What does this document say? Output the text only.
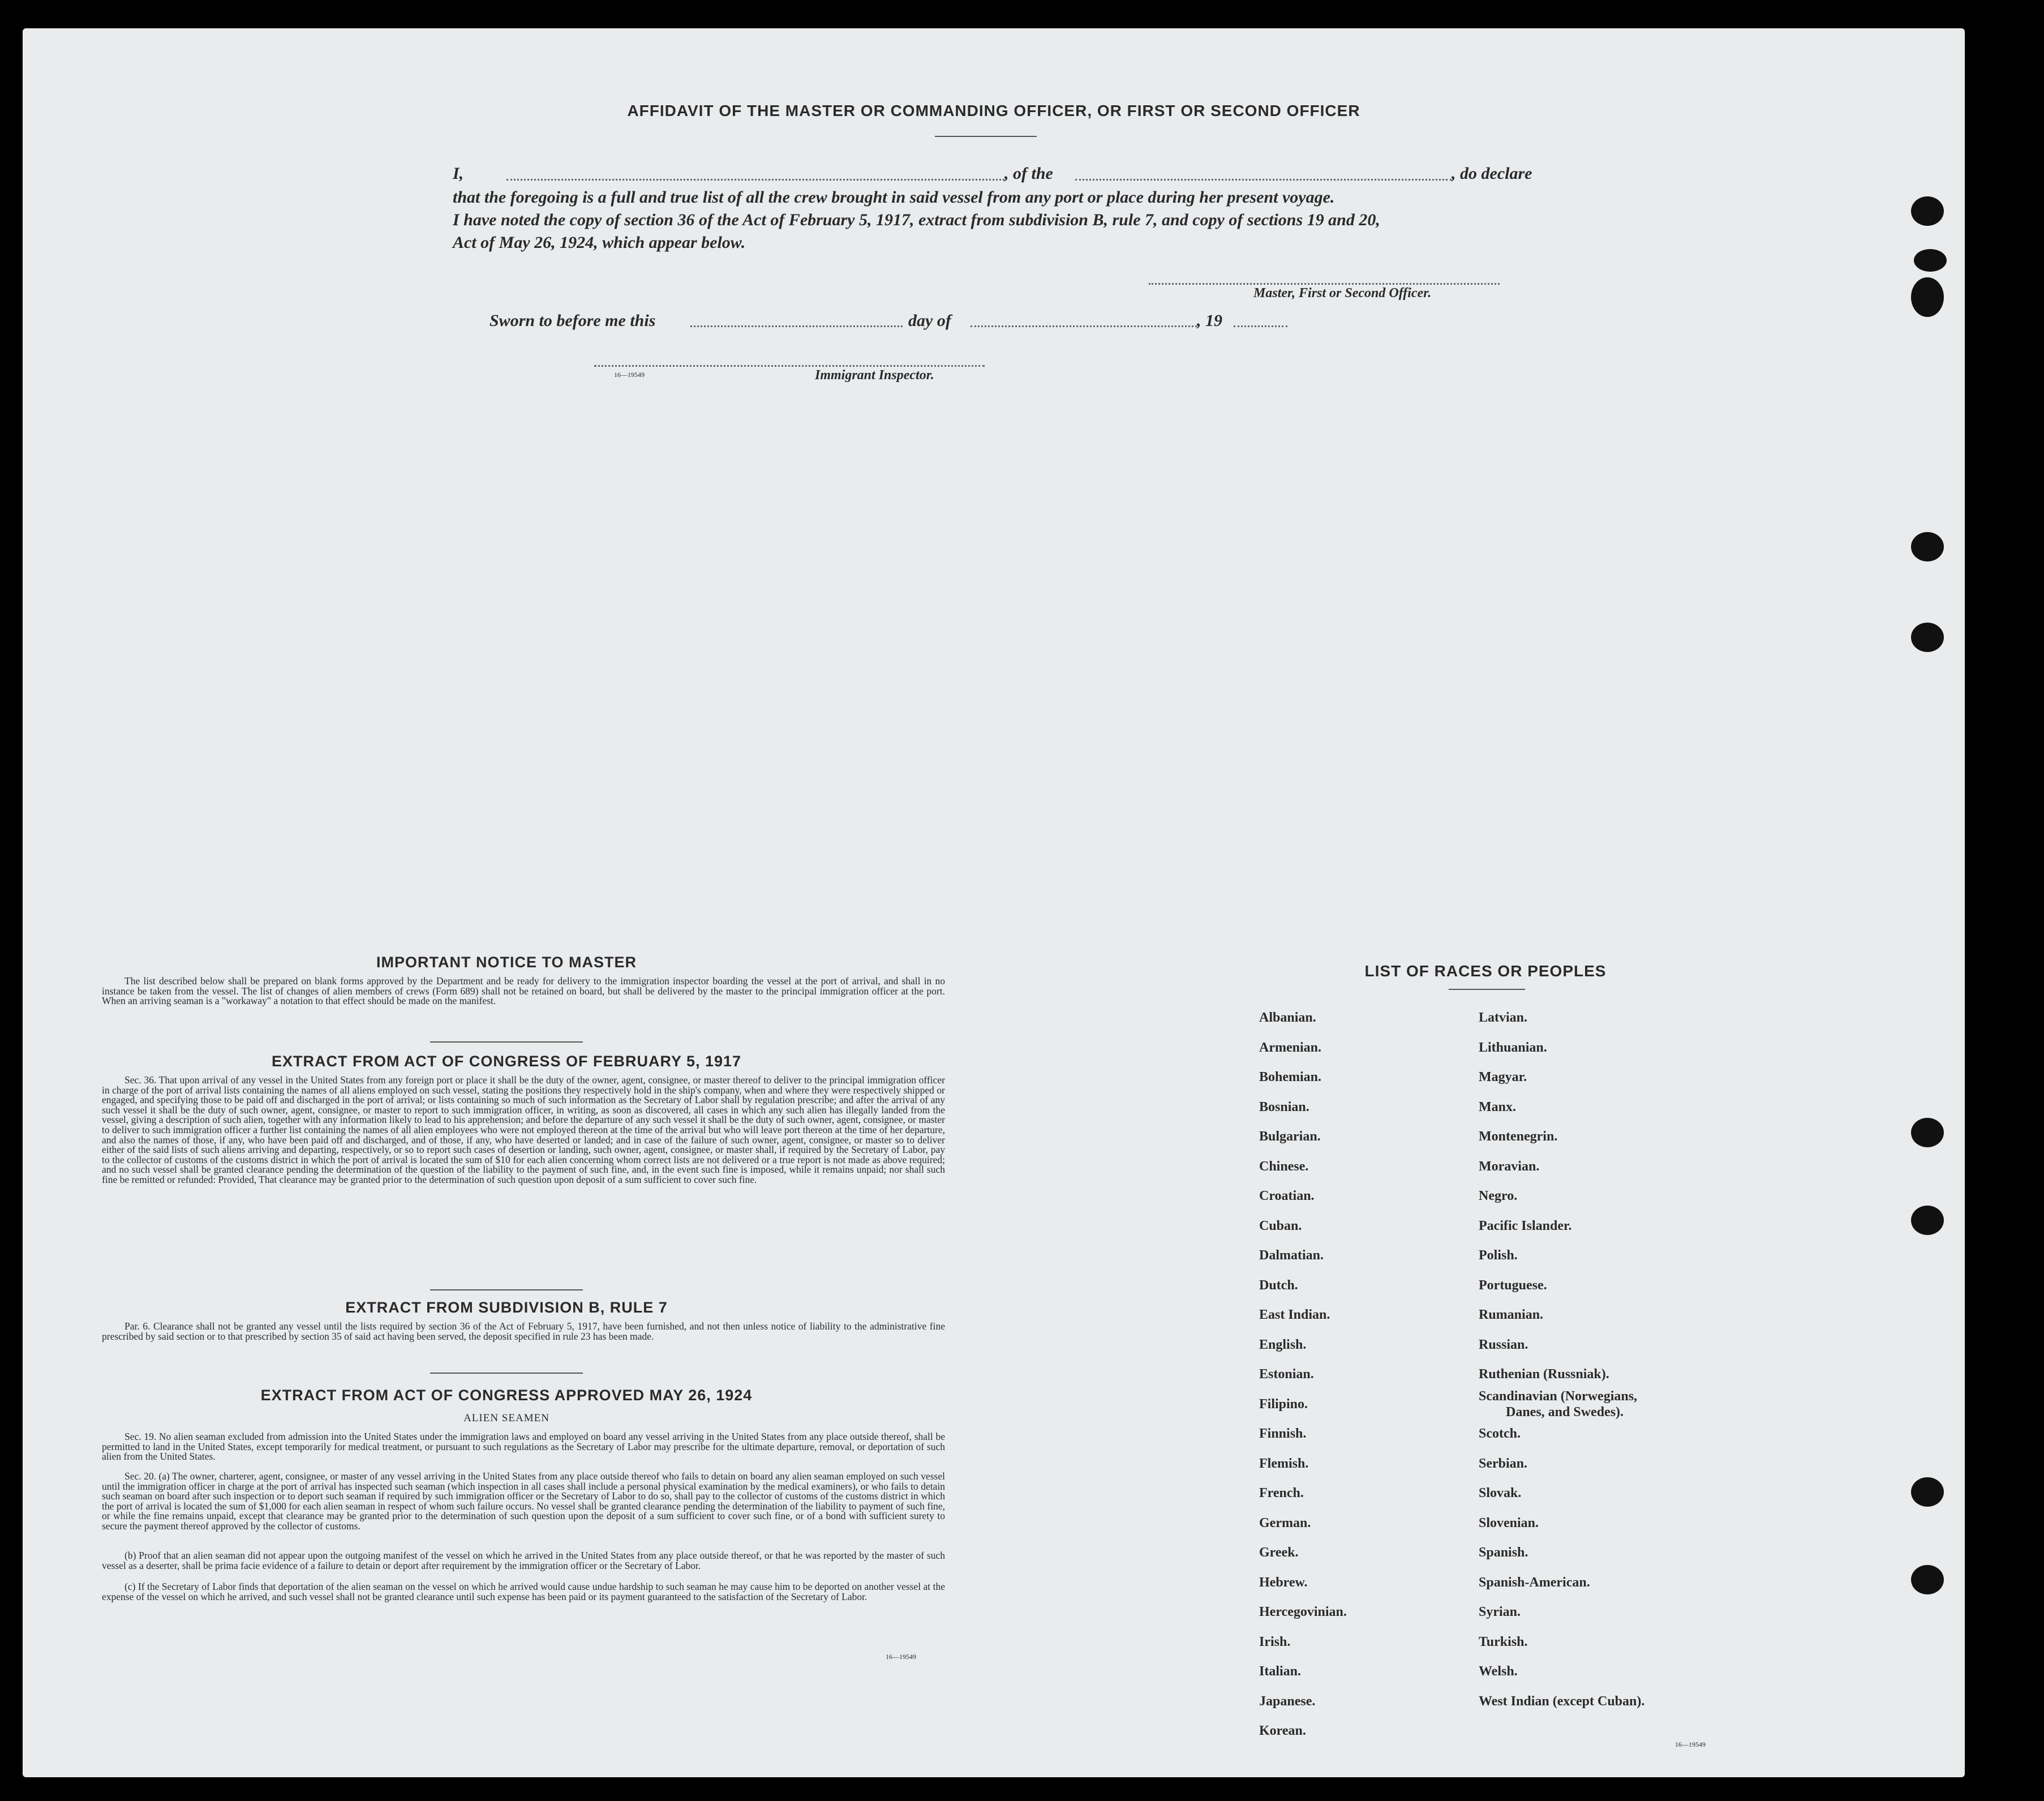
AFFIDAVIT OF THE MASTER OR COMMANDING OFFICER, OR FIRST OR SECOND OFFICER
I,	, of the	, do declare
that the foregoing is a full and true list of all the crew brought in said vessel from any port or place during her present voyage.
I have noted the copy of section 36 of the Act of February 5, 1917, extract from subdivision B, rule 7, and copy of sections 19 and 20,
Act of May 26, 1924, which appear below.
Master, First or Second Officer.
Sworn to before me this	day of	, 19
16—19549	Immigrant Inspector.
IMPORTANT NOTICE TO MASTER
The list described below shall be prepared on blank forms approved by the Department and be ready for delivery to the immigration inspector boarding the vessel at the port of arrival, and shall in no instance be taken from the vessel. The list of changes of alien members of crews (Form 689) shall not be retained on board, but shall be delivered by the master to the principal immigration officer at the port. When an arriving seaman is a "workaway" a notation to that effect should be made on the manifest.
EXTRACT FROM ACT OF CONGRESS OF FEBRUARY 5, 1917
Sec. 36. That upon arrival of any vessel in the United States from any foreign port or place it shall be the duty of the owner, agent, consignee, or master thereof to deliver to the principal immigration officer in charge of the port of arrival lists containing the names of all aliens employed on such vessel, stating the positions they respectively hold in the ship's company, when and where they were respectively shipped or engaged, and specifying those to be paid off and discharged in the port of arrival; or lists containing so much of such information as the Secretary of Labor shall by regulation prescribe; and after the arrival of any such vessel it shall be the duty of such owner, agent, consignee, or master to report to such immigration officer, in writing, as soon as discovered, all cases in which any such alien has illegally landed from the vessel, giving a description of such alien, together with any information likely to lead to his apprehension; and before the departure of any such vessel it shall be the duty of such owner, agent, consignee, or master to deliver to such immigration officer a further list containing the names of all alien employees who were not employed thereon at the time of the arrival but who will leave port thereon at the time of her departure, and also the names of those, if any, who have been paid off and discharged, and of those, if any, who have deserted or landed; and in case of the failure of such owner, agent, consignee, or master so to deliver either of the said lists of such aliens arriving and departing, respectively, or so to report such cases of desertion or landing, such owner, agent, consignee, or master shall, if required by the Secretary of Labor, pay to the collector of customs of the customs district in which the port of arrival is located the sum of $10 for each alien concerning whom correct lists are not delivered or a true report is not made as above required; and no such vessel shall be granted clearance pending the determination of the question of the liability to the payment of such fine, and, in the event such fine is imposed, while it remains unpaid; nor shall such fine be remitted or refunded: Provided, That clearance may be granted prior to the determination of such question upon deposit of a sum sufficient to cover such fine.
EXTRACT FROM SUBDIVISION B, RULE 7
Par. 6. Clearance shall not be granted any vessel until the lists required by section 36 of the Act of February 5, 1917, have been furnished, and not then unless notice of liability to the administrative fine prescribed by said section or to that prescribed by section 35 of said act having been served, the deposit specified in rule 23 has been made.
EXTRACT FROM ACT OF CONGRESS APPROVED MAY 26, 1924
ALIEN SEAMEN
Sec. 19. No alien seaman excluded from admission into the United States under the immigration laws and employed on board any vessel arriving in the United States from any place outside thereof, shall be permitted to land in the United States, except temporarily for medical treatment, or pursuant to such regulations as the Secretary of Labor may prescribe for the ultimate departure, removal, or deportation of such alien from the United States.
Sec. 20. (a) The owner, charterer, agent, consignee, or master of any vessel arriving in the United States from any place outside thereof who fails to detain on board any alien seaman employed on such vessel until the immigration officer in charge at the port of arrival has inspected such seaman (which inspection in all cases shall include a personal physical examination by the medical examiners), or who fails to detain such seaman on board after such inspection or to deport such seaman if required by such immigration officer or the Secretary of Labor to do so, shall pay to the collector of customs of the customs district in which the port of arrival is located the sum of $1,000 for each alien seaman in respect of whom such failure occurs. No vessel shall be granted clearance pending the determination of the liability to payment of such fine, or while the fine remains unpaid, except that clearance may be granted prior to the determination of such question upon the deposit of a sum sufficient to cover such fine, or of a bond with sufficient surety to secure the payment thereof approved by the collector of customs.
(b) Proof that an alien seaman did not appear upon the outgoing manifest of the vessel on which he arrived in the United States from any place outside thereof, or that he was reported by the master of such vessel as a deserter, shall be prima facie evidence of a failure to detain or deport after requirement by the immigration officer or the Secretary of Labor.
(c) If the Secretary of Labor finds that deportation of the alien seaman on the vessel on which he arrived would cause undue hardship to such seaman he may cause him to be deported on another vessel at the expense of the vessel on which he arrived, and such vessel shall not be granted clearance until such expense has been paid or its payment guaranteed to the satisfaction of the Secretary of Labor.
16—19549
LIST OF RACES OR PEOPLES
16—19549
Albanian.
Armenian.
Bohemian.
Bosnian.
Bulgarian.
Chinese.
Croatian.
Cuban.
Dalmatian.
Dutch.
East Indian.
English.
Estonian.
Filipino.
Finnish.
Flemish.
French.
German.
Greek.
Hebrew.
Hercegovinian.
Irish.
Italian.
Japanese.
Korean.
Latvian.
Lithuanian.
Magyar.
Manx.
Montenegrin.
Moravian.
Negro.
Pacific Islander.
Polish.
Portuguese.
Rumanian.
Russian.
Ruthenian (Russniak).
Scandinavian (Norwegians,
Danes, and Swedes).
Scotch.
Serbian.
Slovak.
Slovenian.
Spanish.
Spanish-American.
Syrian.
Turkish.
Welsh.
West Indian (except Cuban).
